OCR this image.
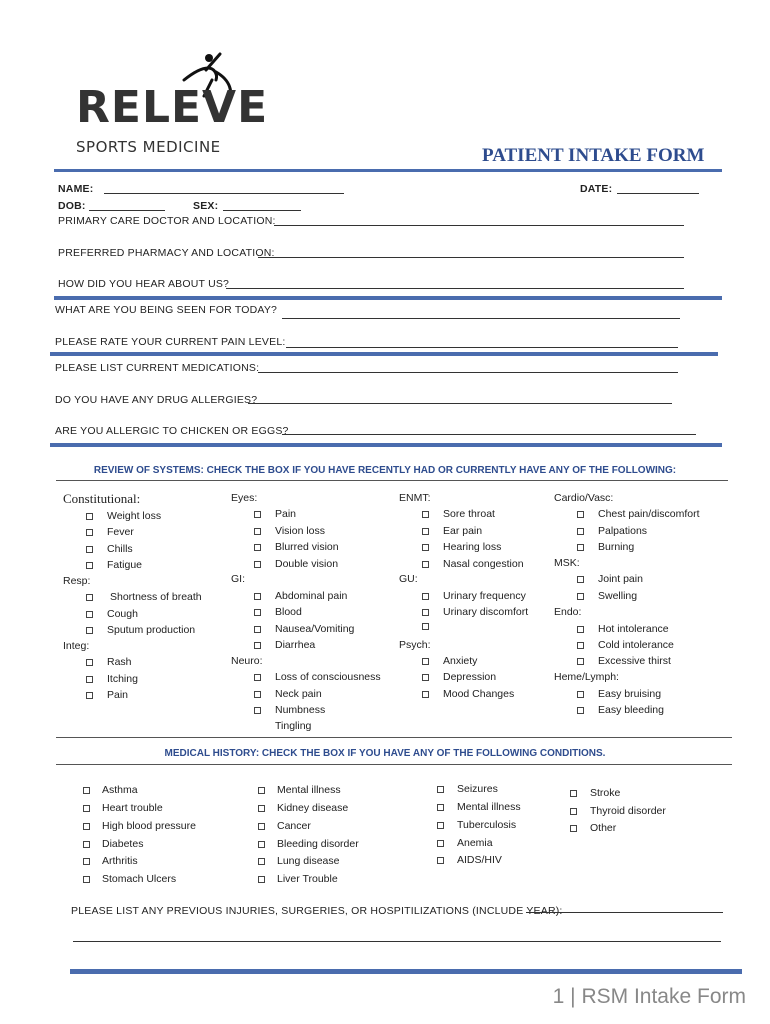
RELEVE
SPORTS MEDICINE	PATIENT INTAKE FORM
NAME:	DATE:
DOB:	SEX:
PRIMARY CARE DOCTOR AND LOCATION:
PREFERRED PHARMACY AND LOCATION:
HOW DID YOU HEAR ABOUT US?
WHAT ARE YOU BEING SEEN FOR TODAY?
PLEASE RATE YOUR CURRENT PAIN LEVEL:
PLEASE LIST CURRENT MEDICATIONS:
DO YOU HAVE ANY DRUG ALLERGIES?
ARE YOU ALLERGIC TO CHICKEN OR EGGS?
REVIEW OF SYSTEMS: CHECK THE BOX IF YOU HAVE RECENTLY HAD OR CURRENTLY HAVE ANY OF THE FOLLOWING:
Constitutional:
Weight loss
Fever
Chills
Fatigue
Resp:
Shortness of breath
Cough
Sputum production
Integ:
Rash
Itching
Pain
Eyes:
Pain
Vision loss
Blurred vision
Double vision
GI:
Abdominal pain
Blood
Nausea/Vomiting
Diarrhea
Neuro:
Loss of consciousness
Neck pain
Numbness
Tingling
ENMT:
Sore throat
Ear pain
Hearing loss
Nasal congestion
GU:
Urinary frequency
Urinary discomfort
Psych:
Anxiety
Depression
Mood Changes
Cardio/Vasc:
Chest pain/discomfort
Palpations
Burning
MSK:
Joint pain
Swelling
Endo:
Hot intolerance
Cold intolerance
Excessive thirst
Heme/Lymph:
Easy bruising
Easy bleeding
MEDICAL HISTORY: CHECK THE BOX IF YOU HAVE ANY OF THE FOLLOWING CONDITIONS.
Asthma
Heart trouble
High blood pressure
Diabetes
Arthritis
Stomach Ulcers
Mental illness
Kidney disease
Cancer
Bleeding disorder
Lung disease
Liver Trouble
Seizures
Mental illness
Tuberculosis
Anemia
AIDS/HIV
Stroke
Thyroid disorder
Other
PLEASE LIST ANY PREVIOUS INJURIES, SURGERIES, OR HOSPITILIZATIONS (INCLUDE YEAR):
1 | RSM Intake Form
